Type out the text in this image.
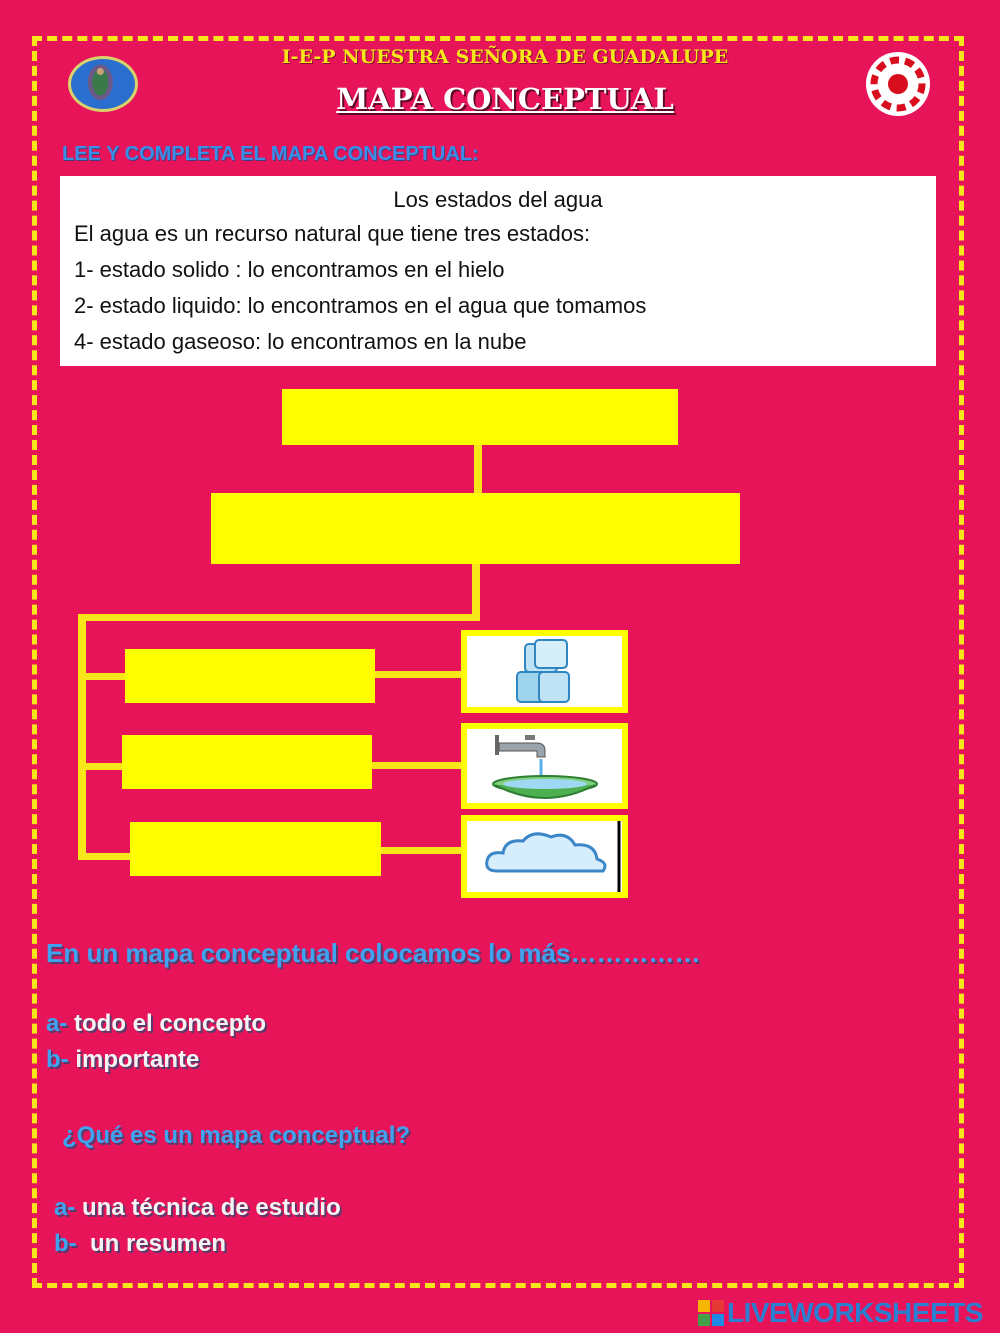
I-E-P NUESTRA SEÑORA DE GUADALUPE
MAPA CONCEPTUAL
LEE Y COMPLETA EL MAPA CONCEPTUAL:
Los estados del agua
El agua es un recurso natural que tiene tres estados:
1- estado solido : lo encontramos en el hielo
2- estado liquido: lo encontramos en el agua que tomamos
4- estado gaseoso: lo encontramos en la nube
En un mapa conceptual colocamos lo más……………
a- todo el concepto
b- importante
¿Qué es un mapa conceptual?
a- una técnica de estudio
b-  un resumen
LIVEWORKSHEETS
